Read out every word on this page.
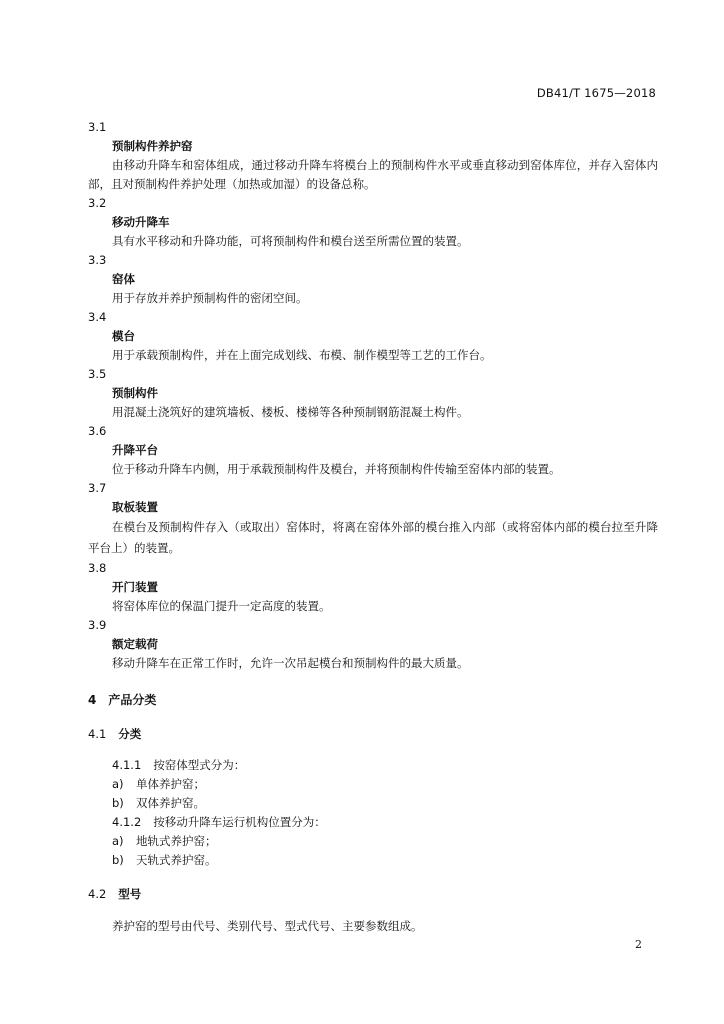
DB41/T 1675—2018
3.1
预制构件养护窑
由移动升降车和窑体组成，通过移动升降车将模台上的预制构件水平或垂直移动到窑体库位，并存入窑体内部，且对预制构件养护处理（加热或加湿）的设备总称。
3.2
移动升降车
具有水平移动和升降功能，可将预制构件和模台送至所需位置的装置。
3.3
窑体
用于存放并养护预制构件的密闭空间。
3.4
模台
用于承载预制构件，并在上面完成划线、布模、制作模型等工艺的工作台。
3.5
预制构件
用混凝土浇筑好的建筑墙板、楼板、楼梯等各种预制钢筋混凝土构件。
3.6
升降平台
位于移动升降车内侧，用于承载预制构件及模台，并将预制构件传输至窑体内部的装置。
3.7
取板装置
在模台及预制构件存入（或取出）窑体时，将离在窑体外部的模台推入内部（或将窑体内部的模台拉至升降平台上）的装置。
3.8
开门装置
将窑体库位的保温门提升一定高度的装置。
3.9
额定载荷
移动升降车在正常工作时，允许一次吊起模台和预制构件的最大质量。
4 产品分类
4.1 分类
4.1.1 按窑体型式分为：
a) 单体养护窑；
b) 双体养护窑。
4.1.2 按移动升降车运行机构位置分为：
a) 地轨式养护窑；
b) 天轨式养护窑。
4.2 型号
养护窑的型号由代号、类别代号、型式代号、主要参数组成。
2
